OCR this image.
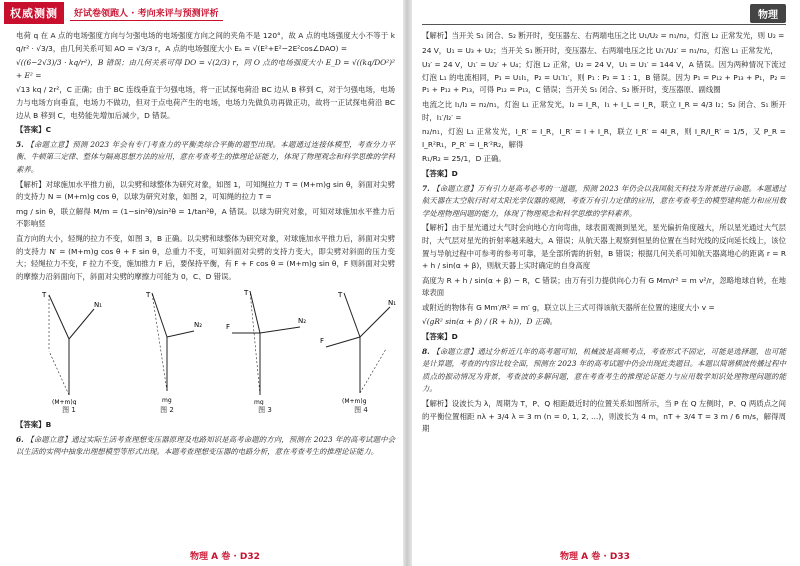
权威测测	好试卷领跑人 · 考向来评与预测评析

电荷 q 在 A 点的电场强度方向与匀强电场的电场强度方向之间的夹角不是 120°，故 A 点的电场强度大小不等于 k q/r² · √3/3，由几何关系可知 AO = √3/3 r，A 点的电场强度大小 Eₐ = √(E²+E²−2E²cos∠DAO) =

√((6−2√3)/3 · kq/r²)，B 错误；由几何关系可得 DO = √(2/3) r，同 O 点的电场强度大小 E_D = √((kq/DO²)² + E² =

√13 kq / 2r²，C 正确；由于 BC 连线垂直于匀强电场，将一正试探电荷沿 BC 边从 B 移到 C，对于匀强电场，电场力与电场方向垂直，电场力不做功，但对于点电荷产生的电场，电场力先做负功再做正功，故将一正试探电荷沿 BC 边从 B 移到 C，电势能先增加后减少，D 错误。

【答案】C

5. 【命题立意】预测 2023 年会有专门考查力的平衡类综合平衡的题型出现。本题通过连接体模型，考查分力平衡、牛顿第三定律、整体与隔离思想方法的应用，意在考查考生的推理论证能力，体现了物理观念和科学思维的学科素养。

【解析】对球施加水平推力前，以尖劈和球整体为研究对象，如图 1，可知绳拉力 T = (M+m)g sin θ，斜面对尖劈的支持力 N = (M+m)g cos θ，以球为研究对象，如图 2，可知绳的拉力 T =

mg / sin θ，联立解得 M/m = (1−sin²θ)/sin²θ = 1/tan²θ，A 错误。以球为研究对象，可知对球施加水平推力后不影响竖

直方向的大小，轻绳的拉力不变，如图 3，B 正确。以尖劈和球整体为研究对象，对球施加水平推力后，斜面对尖劈的支持力 N′ = (M+m)g cos θ + F sin θ，总重力不变，可知斜面对尖劈的支持力变大，即尖劈对斜面的压力变大；轻绳拉力不变，F 拉力不变，施加推力 F 后，要保持平衡，有 F + F cos θ = (M+m)g sin θ，F 则斜面对尖劈的摩擦力沿斜面向下，斜面对尖劈的摩擦力可能为 0，C、D 错误。

T
N₁
(M+m)g
图 1
T
N₂
mg
图 2
T
N₂
F
mg
图 3
T
N₁
F
(M+m)g
图 4

【答案】B

6. 【命题立意】通过实际生活考查理想变压器原理及电路知识是高考命题的方向，预测在 2023 年的高考试题中会以生活的实例中抽象出理想模型等形式出现。本题考查理想变压器的电路分析，意在考查考生的推理论证能力。

【解析】当开关 S₁ 闭合、S₂ 断开时，变压器左、右两端电压之比 U₁/U₂ = n₁/n₂，灯泡 L₂ 正常发光，则 U₂ =

24 V，U₁ = U₃ + U₂；当开关 S₁ 断开时，变压器左、右两端电压之比 U₁′/U₂′ = n₁/n₂，灯泡 L₁ 正常发光，

U₃′ = 24 V，U₁′ = U₂′ + U₄；灯泡 L₂ 正常，U₂ = 24 V，U₁ = U₁′ = 144 V，A 错误。因为两种情况下流过灯泡 L₁ 的电流相同，P₁ = U₁I₁，P₂ = U₁′I₁′，则 P₁ : P₂ = 1 : 1，B 错误。因为 P₁ = P₁₂ + P₁₃ + P₁，P₂ = P₁ + P₁₂ + P₁₃，可得 P₁₂ = P₁₃，C 错误；当开关 S₁ 闭合、S₂ 断开时，变压器原、副线圈

电流之比 I₁/I₂ = n₂/n₁，灯泡 L₁ 正常发光，I₂ = I_R，I₁ + I_L = I_R，联立 I_R = 4/3 I₂；S₂ 闭合、S₁ 断开时，I₁′/I₂′ =

n₂/n₁，灯泡 L₁ 正常发光，I_R′ = I_R，I_R′ = I + I_R，联立 I_R′ = 4I_R，则 I_R/I_R′ = 1/5，又 P_R = I_R²R₁，P_R′ = I_R′²R₂，解得

R₁/R₂ = 25/1，D 正确。

【答案】D

7. 【命题立意】万有引力是高考必考的一道题，预测 2023 年仍会以我国航天科技为背景进行命题。本题通过航天器在太空航行时对太阳光学仪器的观测，考查万有引力定律的应用，意在考查考生的模型建构能力和应用数学处理物理问题的能力，体现了物理观念和科学思维的学科素养。

【解析】由于星光通过大气时会向地心方向弯曲，球表面观测到星光，星光偏折角度越大，所以星光通过大气层时，大气层对星光的折射率越来越大，A 错误；从航天器上观察到恒星的位置在当时光线的反向延长线上，该位置与导航过程中可参考的参考可靠，是全部所需的折射，B 错误；根据几何关系可知航天器离地心的距离 r = R + h / sin(α + β)，则航天器上实时确定的自身高度

高度为 R + h / sin(α + β) − R，C 错误；由万有引力提供向心力有 G Mm/r² = m v²/r，忽略地球自转，在地球表面

或附近的物体有 G Mm′/R² = m′ g，联立以上三式可得该航天器所在位置的速度大小 v =

√(gR² sin(α + β) / (R + h))，D 正确。

【答案】D

8. 【命题立意】通过分析近几年的高考题可知，机械波是高频考点，考查形式不固定，可能是选择题，也可能是计算题，考查的内容比较全面，预测在 2023 年的高考试题中仍会出现此类题目。本题以简谐横波传播过程中质点的振动情况为背景，考查波的多解问题，意在考查考生的推理论证能力与应用数学知识处理物理问题的能力。

【解析】设波长为 λ，周期为 T，P、Q 相距最近时的位置关系如图所示，当 P 在 Q 左侧时，P、Q 两质点之间的平衡位置相距 nλ + 3/4 λ = 3 m (n = 0, 1, 2, …)，则波长为 4 m，nT + 3/4 T = 3 m / 6 m/s，解得周期

物理
物理 A 卷 · D32	物理 A 卷 · D33
